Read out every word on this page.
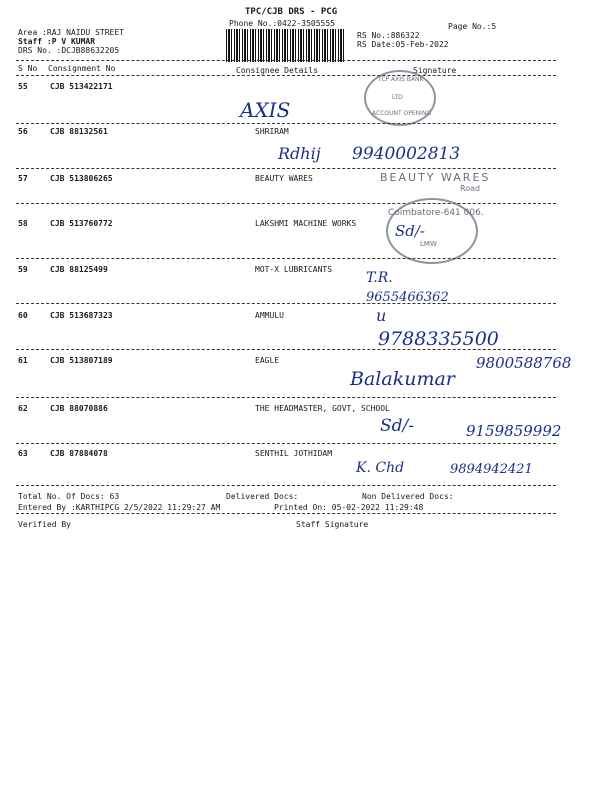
TPC/CJB DRS - PCG
Phone No.:0422-3505555	Page No.:5
Area :RAJ NAIDU STREET
Staff :P V KUMAR
DRS No. :DCJB88632205
RS No.:886322
RS Date:05-Feb-2022
S No Consignment No	Consignee Details	Signature
55	CJB 513422171
AXIS
TCP AXIS BANK
LTD
ACCOUNT OPENING
56	CJB 88132561	SHRIRAM
Rdhij 9940002813
57	CJB 513806265	BEAUTY WARES	BEAUTY WARES
Road
58	CJB 513760772	LAKSHMI MACHINE WORKS
Coimbatore-641 006.
LMW
Sd/-
59	CJB 88125499	MOT-X LUBRICANTS
T.R.
9655466362
60	CJB 513687323	AMMULU	u
9788335500
61	CJB 513807189	EAGLE	9800588768
Balakumar
62	CJB 88070886	THE HEADMASTER, GOVT, SCHOOL
Sd/-	9159859992
63	CJB 87884078	SENTHIL JOTHIDAM
K. Chd	9894942421
Total No. Of Docs: 63	Delivered Docs:	Non Delivered Docs:
Entered By :KARTHIPCG 2/5/2022 11:29:27 AM	Printed On: 05-02-2022 11:29:48
Verified By	Staff Signature
